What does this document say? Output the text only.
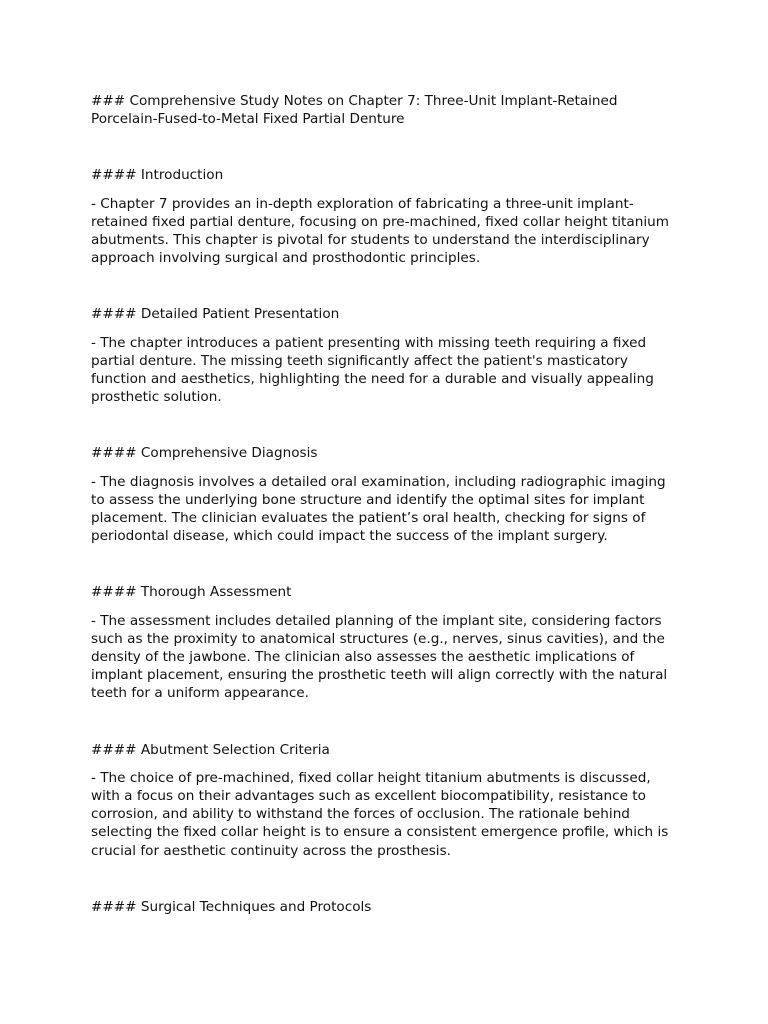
### Comprehensive Study Notes on Chapter 7: Three-Unit Implant-Retained
Porcelain-Fused-to-Metal Fixed Partial Denture

#### Introduction

- Chapter 7 provides an in-depth exploration of fabricating a three-unit implant-
retained fixed partial denture, focusing on pre-machined, fixed collar height titanium
abutments. This chapter is pivotal for students to understand the interdisciplinary
approach involving surgical and prosthodontic principles.

#### Detailed Patient Presentation

- The chapter introduces a patient presenting with missing teeth requiring a fixed
partial denture. The missing teeth significantly affect the patient's masticatory
function and aesthetics, highlighting the need for a durable and visually appealing
prosthetic solution.

#### Comprehensive Diagnosis

- The diagnosis involves a detailed oral examination, including radiographic imaging
to assess the underlying bone structure and identify the optimal sites for implant
placement. The clinician evaluates the patient’s oral health, checking for signs of
periodontal disease, which could impact the success of the implant surgery.

#### Thorough Assessment

- The assessment includes detailed planning of the implant site, considering factors
such as the proximity to anatomical structures (e.g., nerves, sinus cavities), and the
density of the jawbone. The clinician also assesses the aesthetic implications of
implant placement, ensuring the prosthetic teeth will align correctly with the natural
teeth for a uniform appearance.

#### Abutment Selection Criteria

- The choice of pre-machined, fixed collar height titanium abutments is discussed,
with a focus on their advantages such as excellent biocompatibility, resistance to
corrosion, and ability to withstand the forces of occlusion. The rationale behind
selecting the fixed collar height is to ensure a consistent emergence profile, which is
crucial for aesthetic continuity across the prosthesis.

#### Surgical Techniques and Protocols
